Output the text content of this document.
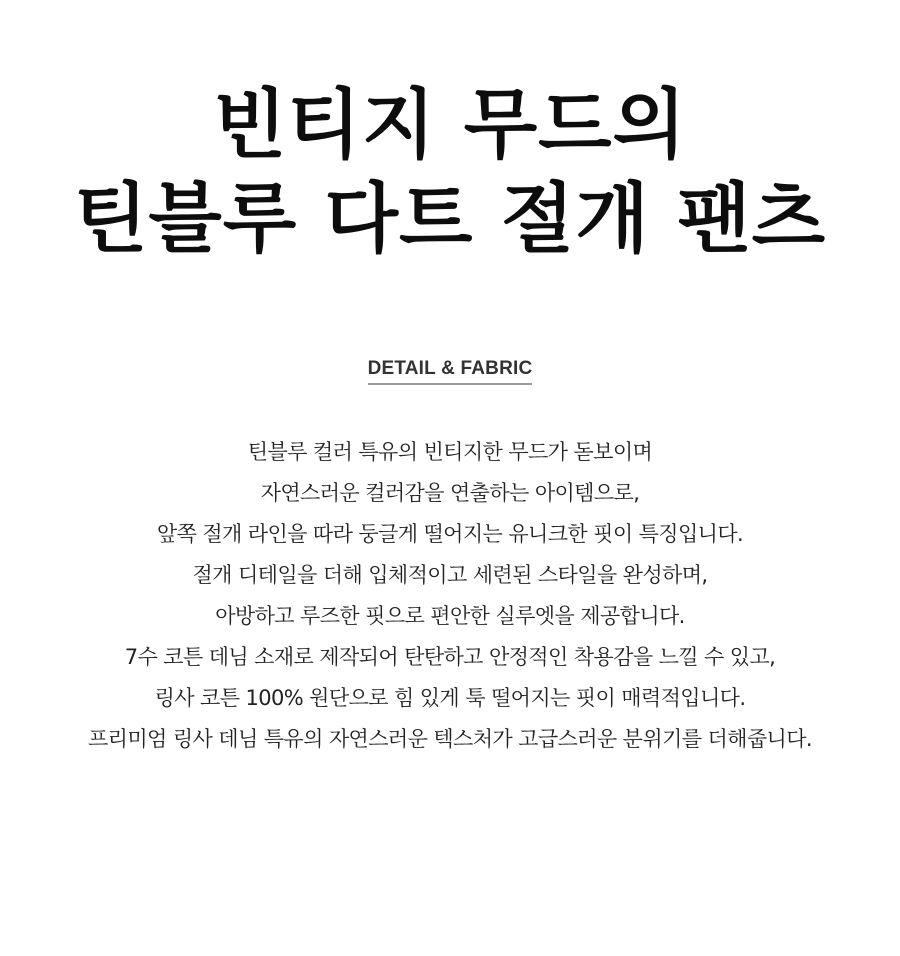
빈티지 무드의
틴블루 다트 절개 팬츠
DETAIL & FABRIC
틴블루 컬러 특유의 빈티지한 무드가 돋보이며
자연스러운 컬러감을 연출하는 아이템으로,
앞쪽 절개 라인을 따라 둥글게 떨어지는 유니크한 핏이 특징입니다.
절개 디테일을 더해 입체적이고 세련된 스타일을 완성하며,
아방하고 루즈한 핏으로 편안한 실루엣을 제공합니다.
7수 코튼 데님 소재로 제작되어 탄탄하고 안정적인 착용감을 느낄 수 있고,
링사 코튼 100% 원단으로 힘 있게 툭 떨어지는 핏이 매력적입니다.
프리미엄 링사 데님 특유의 자연스러운 텍스처가 고급스러운 분위기를 더해줍니다.
